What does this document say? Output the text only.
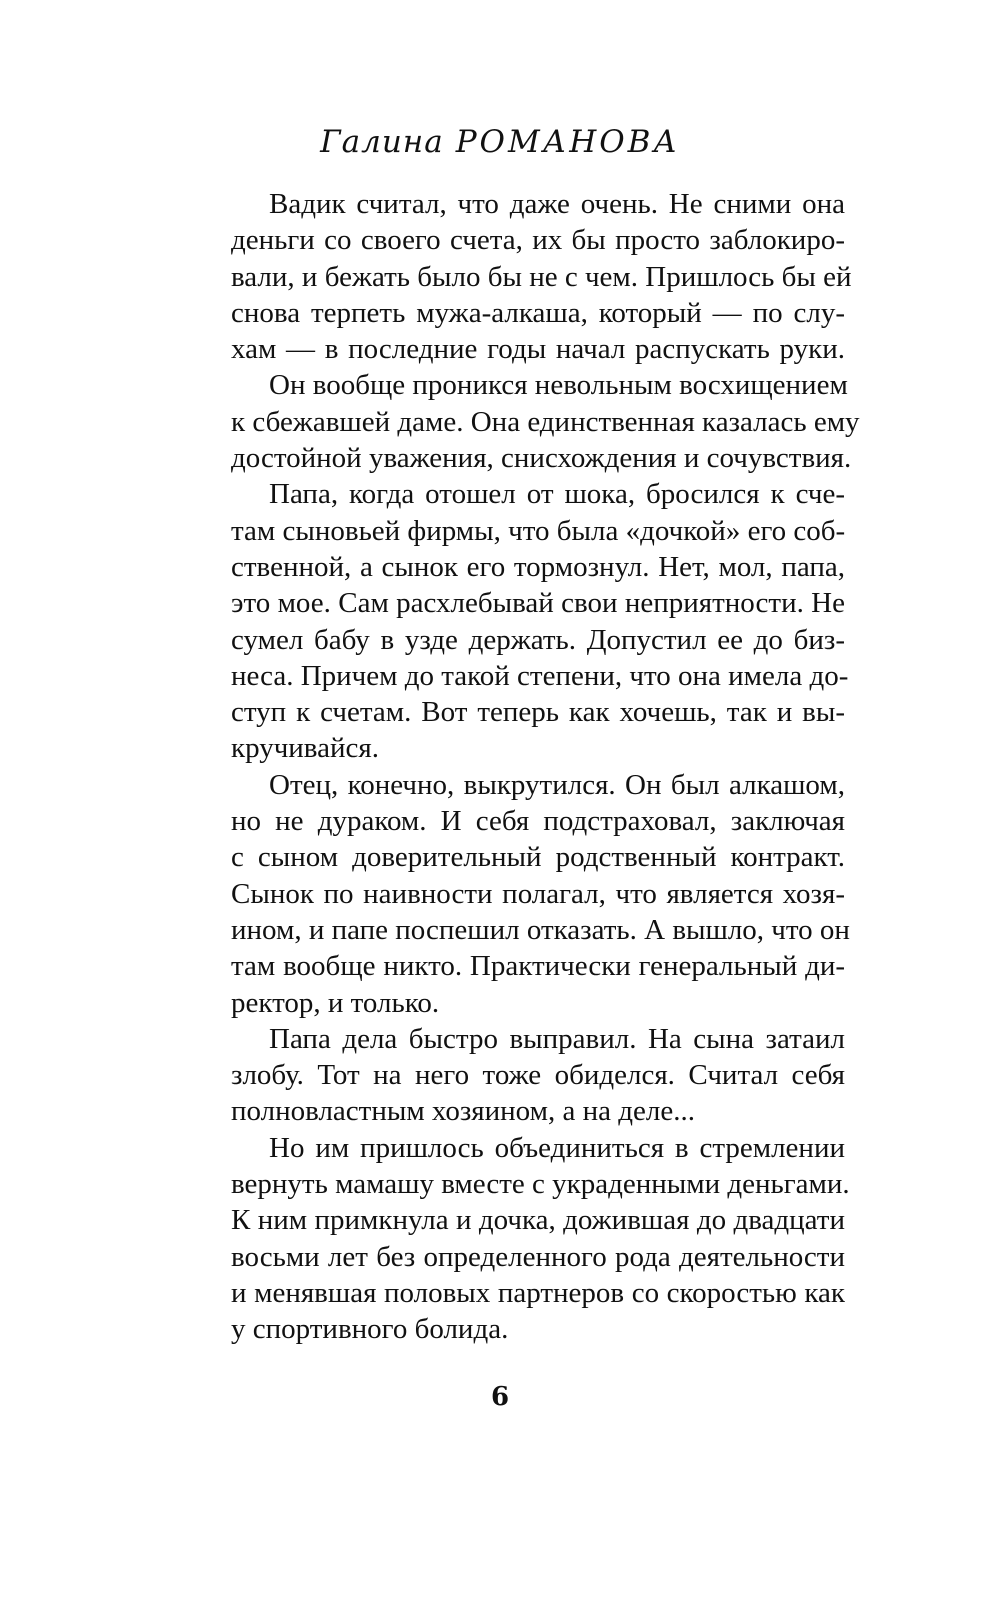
Галина РОМАНОВА
Вадик считал, что даже очень. Не сними она
деньги со своего счета, их бы просто заблокиро-
вали, и бежать было бы не с чем. Пришлось бы ей
снова терпеть мужа-алкаша, который — по слу-
хам — в последние годы начал распускать руки.
Он вообще проникся невольным восхищением
к сбежавшей даме. Она единственная казалась ему
достойной уважения, снисхождения и сочувствия.
Папа, когда отошел от шока, бросился к сче-
там сыновьей фирмы, что была «дочкой» его соб-
ственной, а сынок его тормознул. Нет, мол, папа,
это мое. Сам расхлебывай свои неприятности. Не
сумел бабу в узде держать. Допустил ее до биз-
неса. Причем до такой степени, что она имела до-
ступ к счетам. Вот теперь как хочешь, так и вы-
кручивайся.
Отец, конечно, выкрутился. Он был алкашом,
но не дураком. И себя подстраховал, заключая
с сыном доверительный родственный контракт.
Сынок по наивности полагал, что является хозя-
ином, и папе поспешил отказать. А вышло, что он
там вообще никто. Практически генеральный ди-
ректор, и только.
Папа дела быстро выправил. На сына затаил
злобу. Тот на него тоже обиделся. Считал себя
полновластным хозяином, а на деле...
Но им пришлось объединиться в стремлении
вернуть мамашу вместе с украденными деньгами.
К ним примкнула и дочка, дожившая до двадцати
восьми лет без определенного рода деятельности
и менявшая половых партнеров со скоростью как
у спортивного болида.
6
